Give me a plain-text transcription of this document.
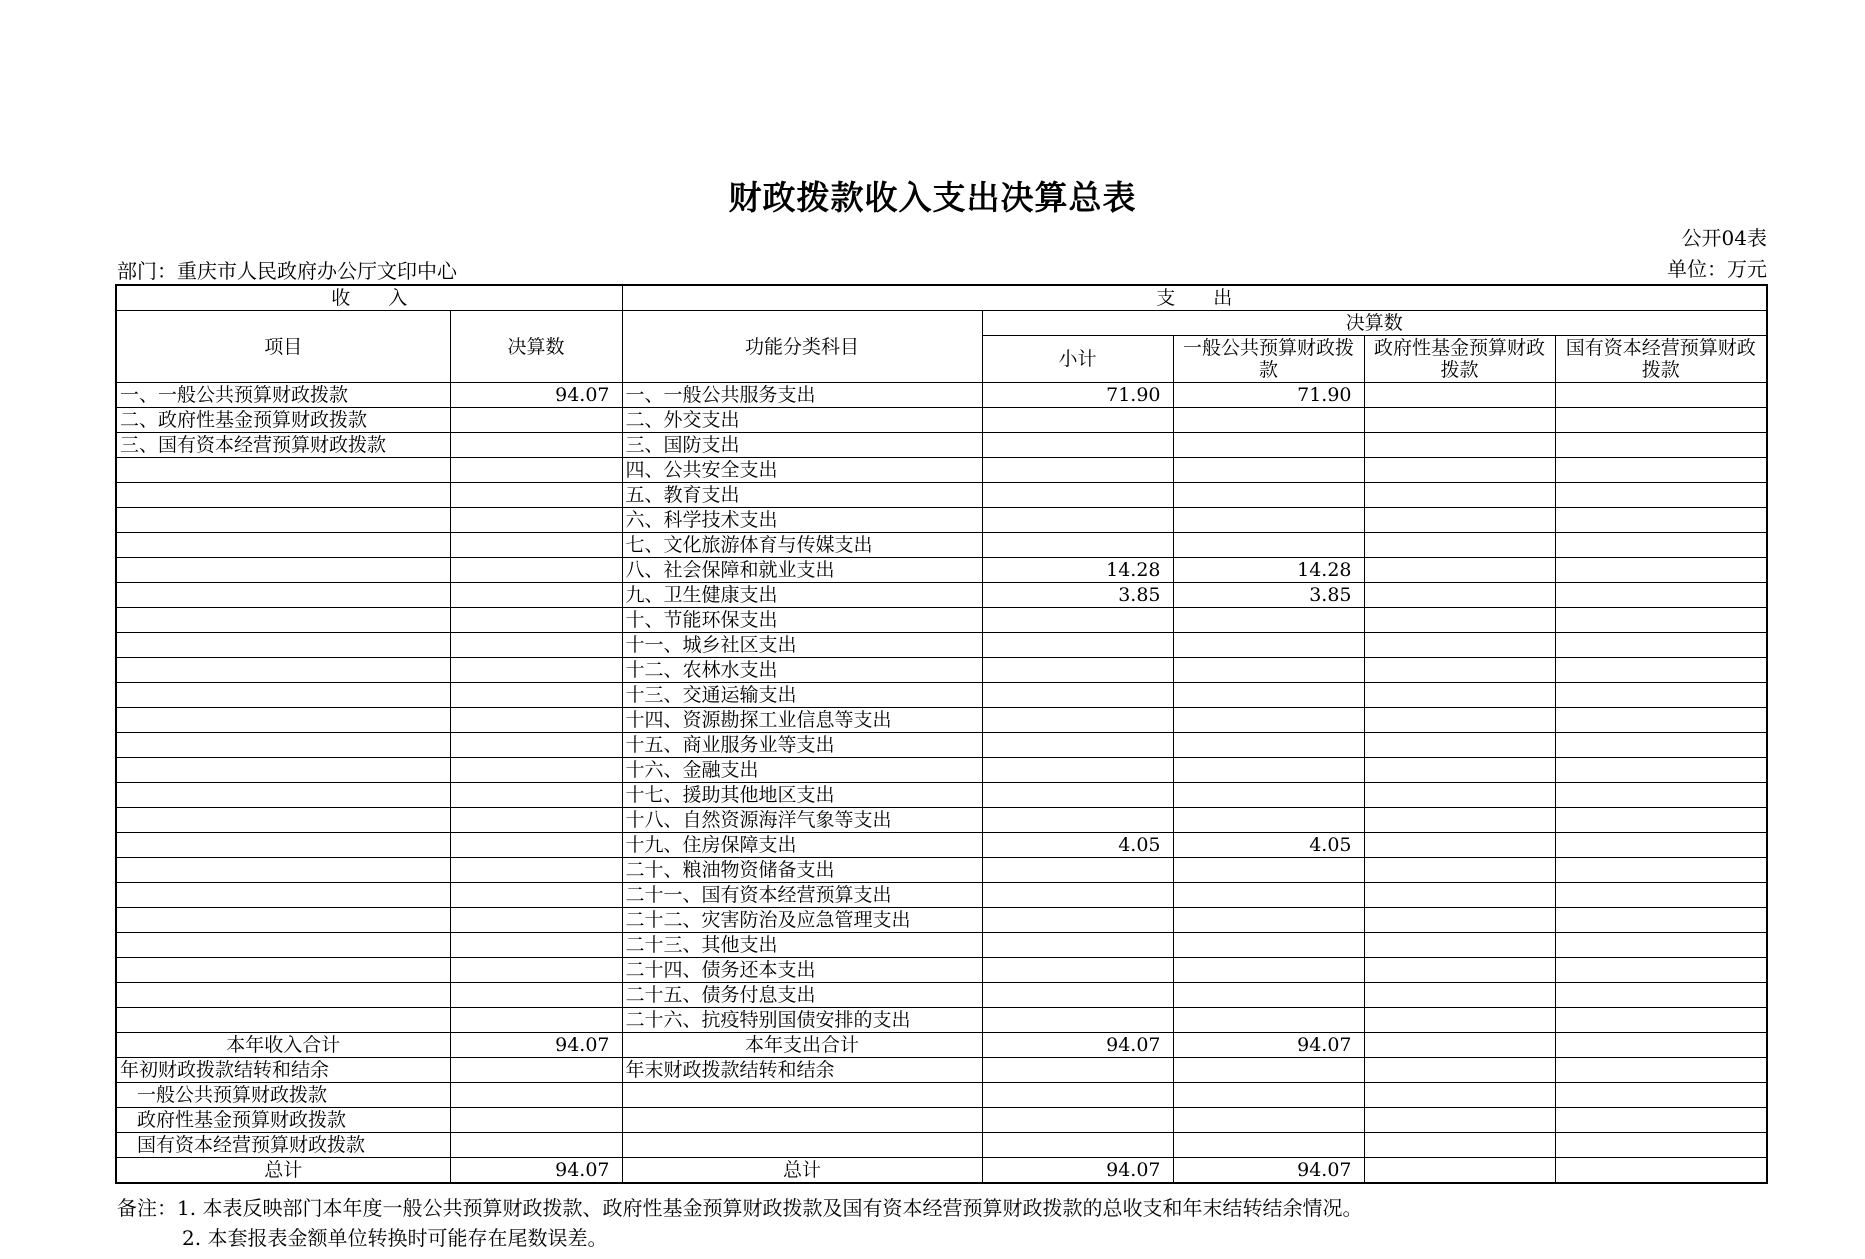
财政拨款收入支出决算总表
公开04表
部门：重庆市人民政府办公厅文印中心	单位：万元
收　　入		支　　出				
项目	决算数	功能分类科目	决算数			
			小计	一般公共预算财政拨款	政府性基金预算财政拨款	国有资本经营预算财政拨款
一、一般公共预算财政拨款	94.07	一、一般公共服务支出	71.90	71.90		
二、政府性基金预算财政拨款		二、外交支出				
三、国有资本经营预算财政拨款		三、国防支出				
		四、公共安全支出				
		五、教育支出				
		六、科学技术支出				
		七、文化旅游体育与传媒支出				
		八、社会保障和就业支出	14.28	14.28		
		九、卫生健康支出	3.85	3.85		
		十、节能环保支出				
		十一、城乡社区支出				
		十二、农林水支出				
		十三、交通运输支出				
		十四、资源勘探工业信息等支出				
		十五、商业服务业等支出				
		十六、金融支出				
		十七、援助其他地区支出				
		十八、自然资源海洋气象等支出				
		十九、住房保障支出	4.05	4.05		
		二十、粮油物资储备支出				
		二十一、国有资本经营预算支出				
		二十二、灾害防治及应急管理支出				
		二十三、其他支出				
		二十四、债务还本支出				
		二十五、债务付息支出				
		二十六、抗疫特别国债安排的支出				
本年收入合计	94.07	本年支出合计	94.07	94.07		
年初财政拨款结转和结余		年末财政拨款结转和结余				
一般公共预算财政拨款						
政府性基金预算财政拨款						
国有资本经营预算财政拨款						
总计	94.07	总计	94.07	94.07		
备注：1. 本表反映部门本年度一般公共预算财政拨款、政府性基金预算财政拨款及国有资本经营预算财政拨款的总收支和年末结转结余情况。
2. 本套报表金额单位转换时可能存在尾数误差。
